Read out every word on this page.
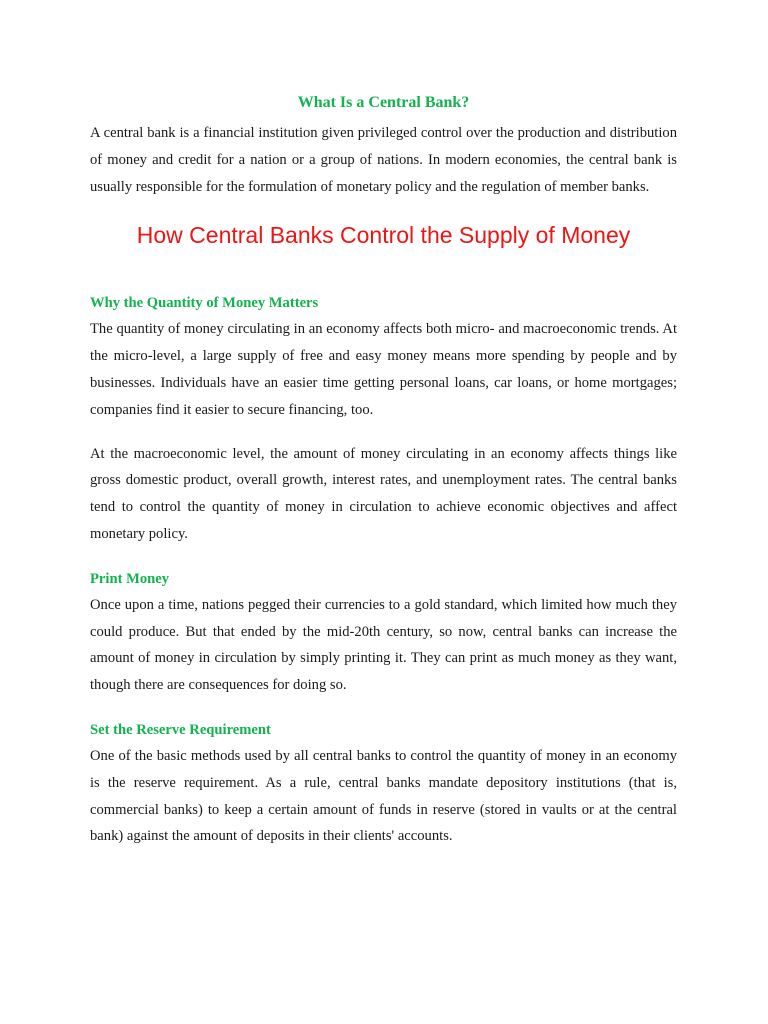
What Is a Central Bank?

A central bank is a financial institution given privileged control over the production and distribution of money and credit for a nation or a group of nations. In modern economies, the central bank is usually responsible for the formulation of monetary policy and the regulation of member banks.

How Central Banks Control the Supply of Money
Why the Quantity of Money Matters

The quantity of money circulating in an economy affects both micro- and macroeconomic trends. At the micro-level, a large supply of free and easy money means more spending by people and by businesses. Individuals have an easier time getting personal loans, car loans, or home mortgages; companies find it easier to secure financing, too.

At the macroeconomic level, the amount of money circulating in an economy affects things like gross domestic product, overall growth, interest rates, and unemployment rates. The central banks tend to control the quantity of money in circulation to achieve economic objectives and affect monetary policy.

Print Money

Once upon a time, nations pegged their currencies to a gold standard, which limited how much they could produce. But that ended by the mid-20th century, so now, central banks can increase the amount of money in circulation by simply printing it. They can print as much money as they want, though there are consequences for doing so.

Set the Reserve Requirement

One of the basic methods used by all central banks to control the quantity of money in an economy is the reserve requirement. As a rule, central banks mandate depository institutions (that is, commercial banks) to keep a certain amount of funds in reserve (stored in vaults or at the central bank) against the amount of deposits in their clients' accounts.
